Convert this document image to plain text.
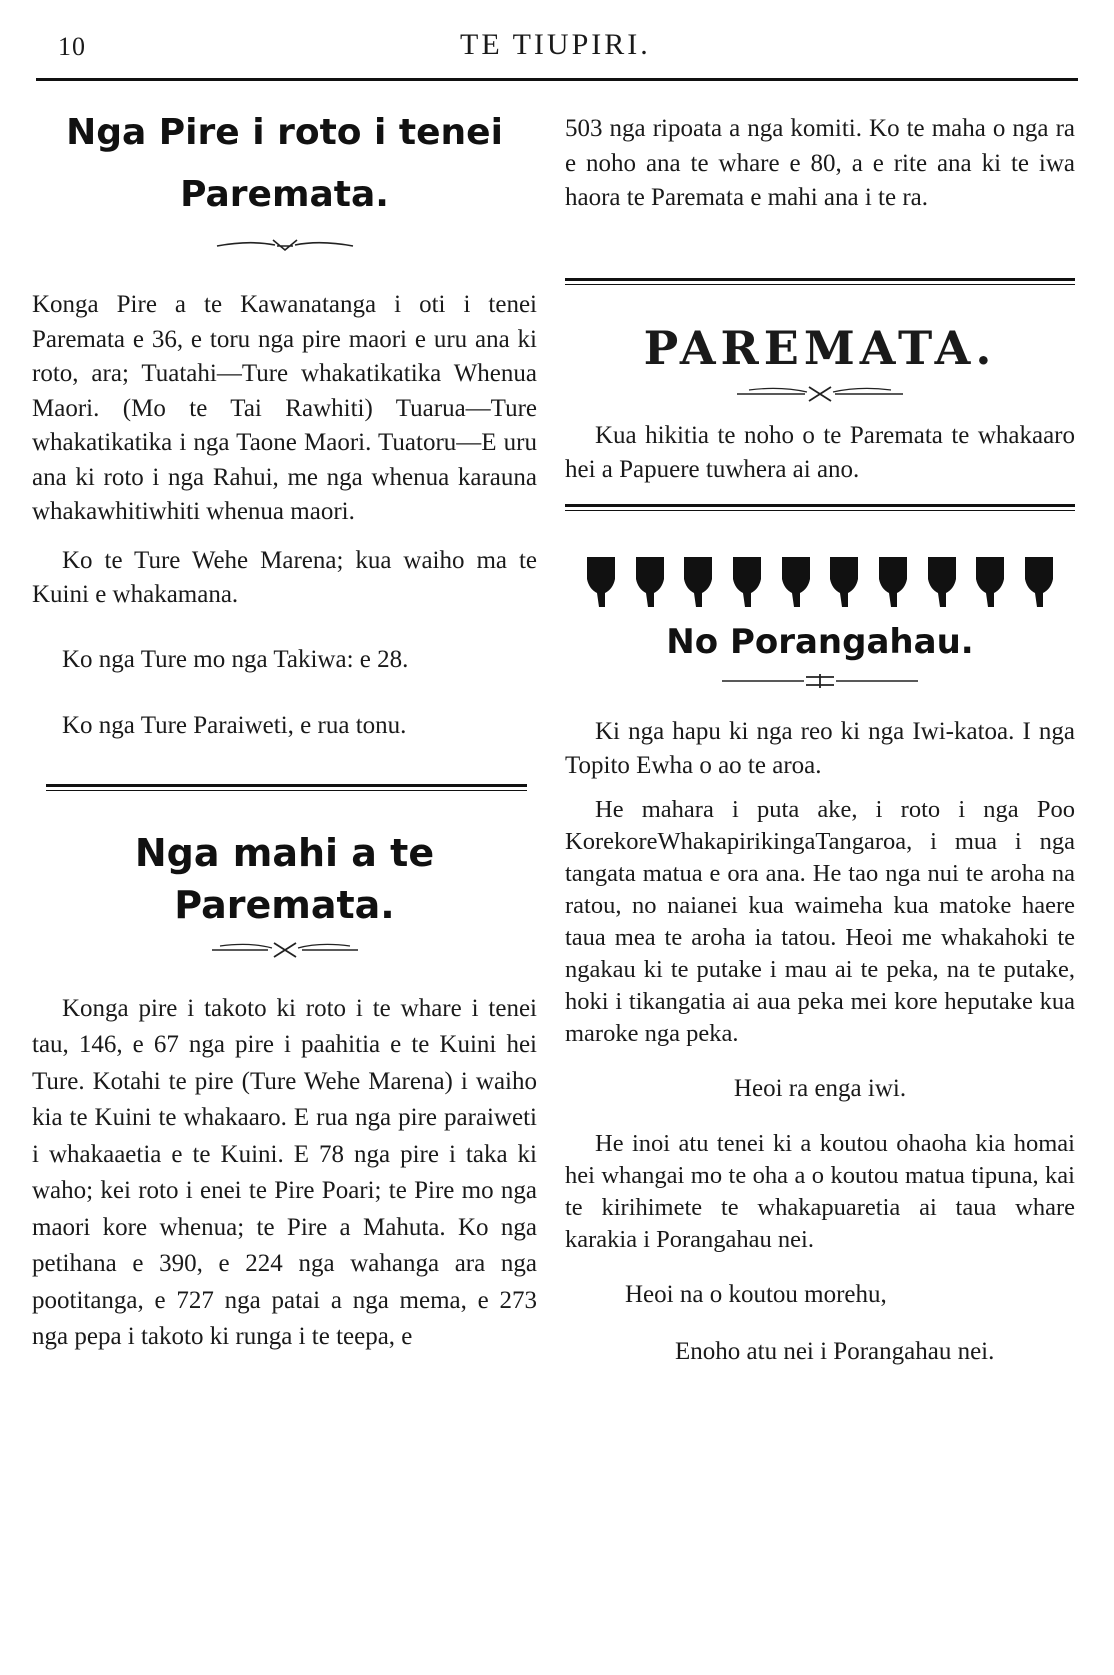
10	TE TIUPIRI.
Nga Pire i roto i tenei
Paremata.

Konga Pire a te Kawanatanga i oti i tenei Paremata e 36, e toru nga pire maori e uru ana ki roto, ara; Tuatahi—Ture whakatikatika Whenua Maori. (Mo te Tai Rawhiti) Tuarua—Ture whakatikatika i nga Taone Maori. Tuatoru—E uru ana ki roto i nga Rahui, me nga whenua karauna whakawhitiwhiti whenua maori.

Ko te Ture Wehe Marena; kua waiho ma te Kuini e whakamana.

Ko nga Ture mo nga Takiwa: e 28.

Ko nga Ture Paraiweti, e rua tonu.

Nga mahi a te Paremata.

Konga pire i takoto ki roto i te whare i tenei tau, 146, e 67 nga pire i paahitia e te Kuini hei Ture. Kotahi te pire (Ture Wehe Marena) i waiho kia te Kuini te whakaaro. E rua nga pire paraiweti i whakaaetia e te Kuini. E 78 nga pire i taka ki waho; kei roto i enei te Pire Poari; te Pire mo nga maori kore whenua; te Pire a Mahuta. Ko nga petihana e 390, e 224 nga wahanga ara nga pootitanga, e 727 nga patai a nga mema, e 273 nga pepa i takoto ki runga i te teepa, e

503 nga ripoata a nga komiti. Ko te maha o nga ra e noho ana te whare e 80, a e rite ana ki te iwa haora te Paremata e mahi ana i te ra.

PAREMATA.

Kua hikitia te noho o te Paremata te whakaaro hei a Papuere tuwhera ai ano.

No Porangahau.

Ki nga hapu ki nga reo ki nga Iwi-katoa. I nga Topito Ewha o ao te aroa.

He mahara i puta ake, i roto i nga Poo KorekoreWhakapirikingaTangaroa, i mua i nga tangata matua e ora ana. He tao nga nui te aroha na ratou, no naianei kua waimeha kua matoke haere taua mea te aroha ia tatou. Heoi me whakahoki te ngakau ki te putake i mau ai te peka, na te putake, hoki i tikangatia ai aua peka mei kore heputake kua maroke nga peka.

Heoi ra enga iwi.

He inoi atu tenei ki a koutou ohaoha kia homai hei whangai mo te oha a o koutou matua tipuna, kai te kirihimete te whakapuaretia ai taua whare karakia i Porangahau nei.

Heoi na o koutou morehu,

Enoho atu nei i Porangahau nei.
